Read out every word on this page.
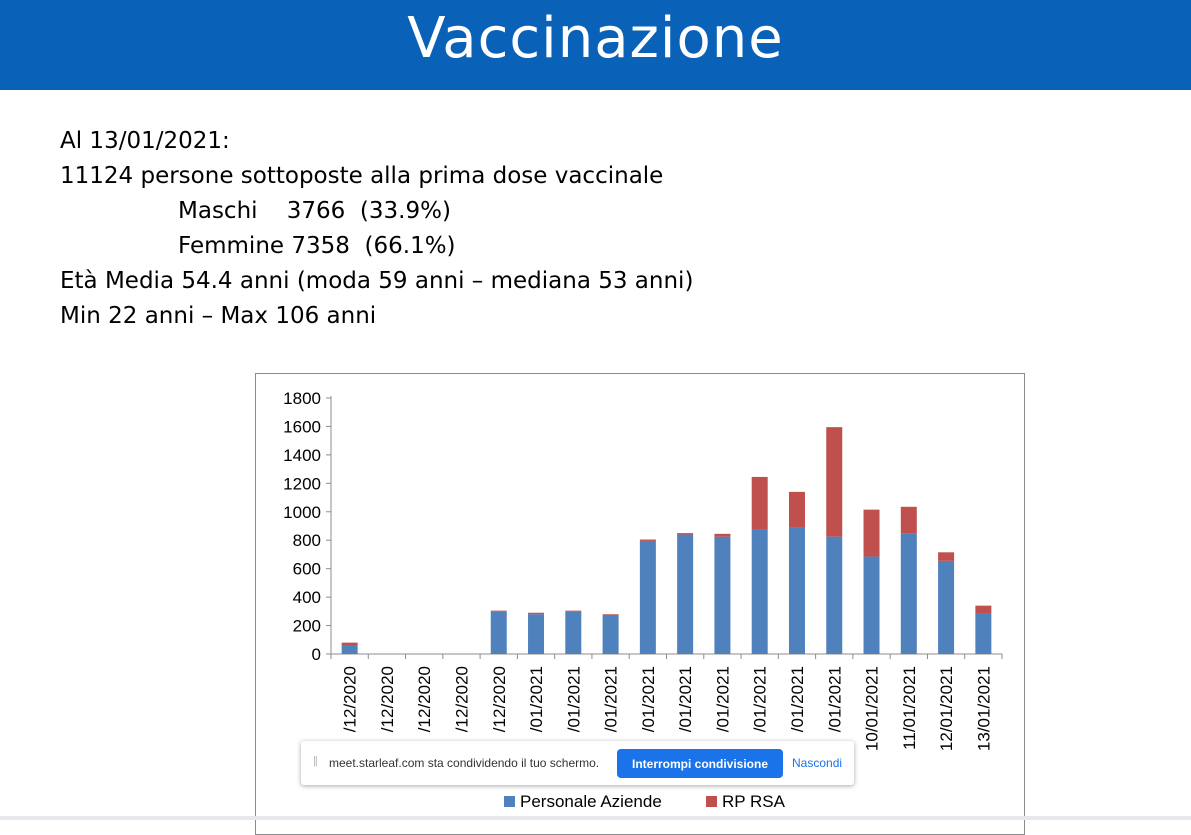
Vaccinazione
Al 13/01/2021:
11124 persone sottoposte alla prima dose vaccinale
Maschi    3766  (33.9%)
Femmine 7358  (66.1%)
Età Media 54.4 anni (moda 59 anni – mediana 53 anni)
Min 22 anni – Max 106 anni
1800
1600
1400
1200
1000
800
600
400
200
0
/12/2020 /12/2020 /12/2020 /12/2020 /12/2020 /01/2021 /01/2021 /01/2021 /01/2021 /01/2021 /01/2021 /01/2021 /01/2021 /01/2021 10/01/2021 11/01/2021 12/01/2021 13/01/2021
Personale Aziende	RP RSA
|| meet.starleaf.com sta condividendo il tuo schermo.	Interrompi condivisione	Nascondi
